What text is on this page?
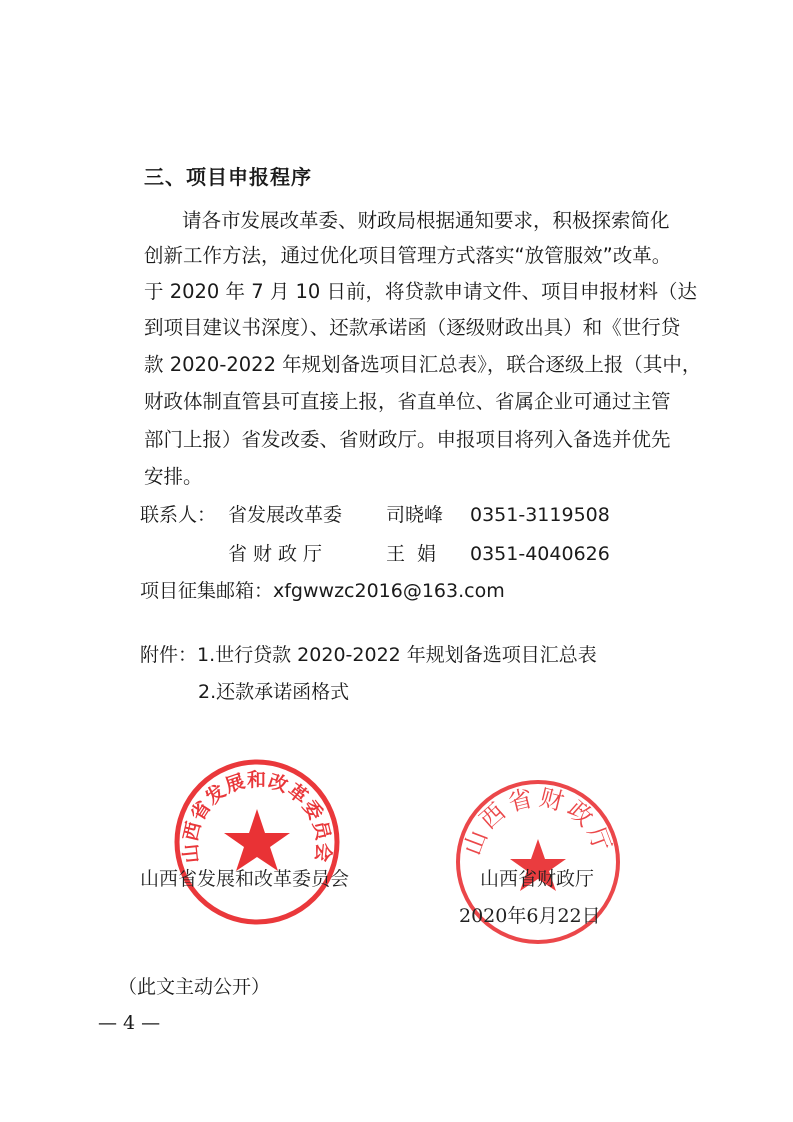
三、项目申报程序
请各市发展改革委、财政局根据通知要求，积极探索简化
创新工作方法，通过优化项目管理方式落实“放管服效”改革。
于 2020 年 7 月 10 日前，将贷款申请文件、项目申报材料（达
到项目建议书深度）、还款承诺函（逐级财政出具）和《世行贷
款 2020-2022 年规划备选项目汇总表》，联合逐级上报（其中，
财政体制直管县可直接上报，省直单位、省属企业可通过主管
部门上报）省发改委、省财政厅。申报项目将列入备选并优先
安排。
联系人： 省发展改革委 司晓峰 0351-3119508
省财政厅	王娟 0351-4040626
项目征集邮箱：xfgwwzc2016@163.com
附件：1.世行贷款 2020-2022 年规划备选项目汇总表
2.还款承诺函格式
山西省发展和改革委员会	山西省财政厅
山西省发展和改革委员会	山西省财政厅
2020年6月22日
（此文主动公开）
— 4 —
